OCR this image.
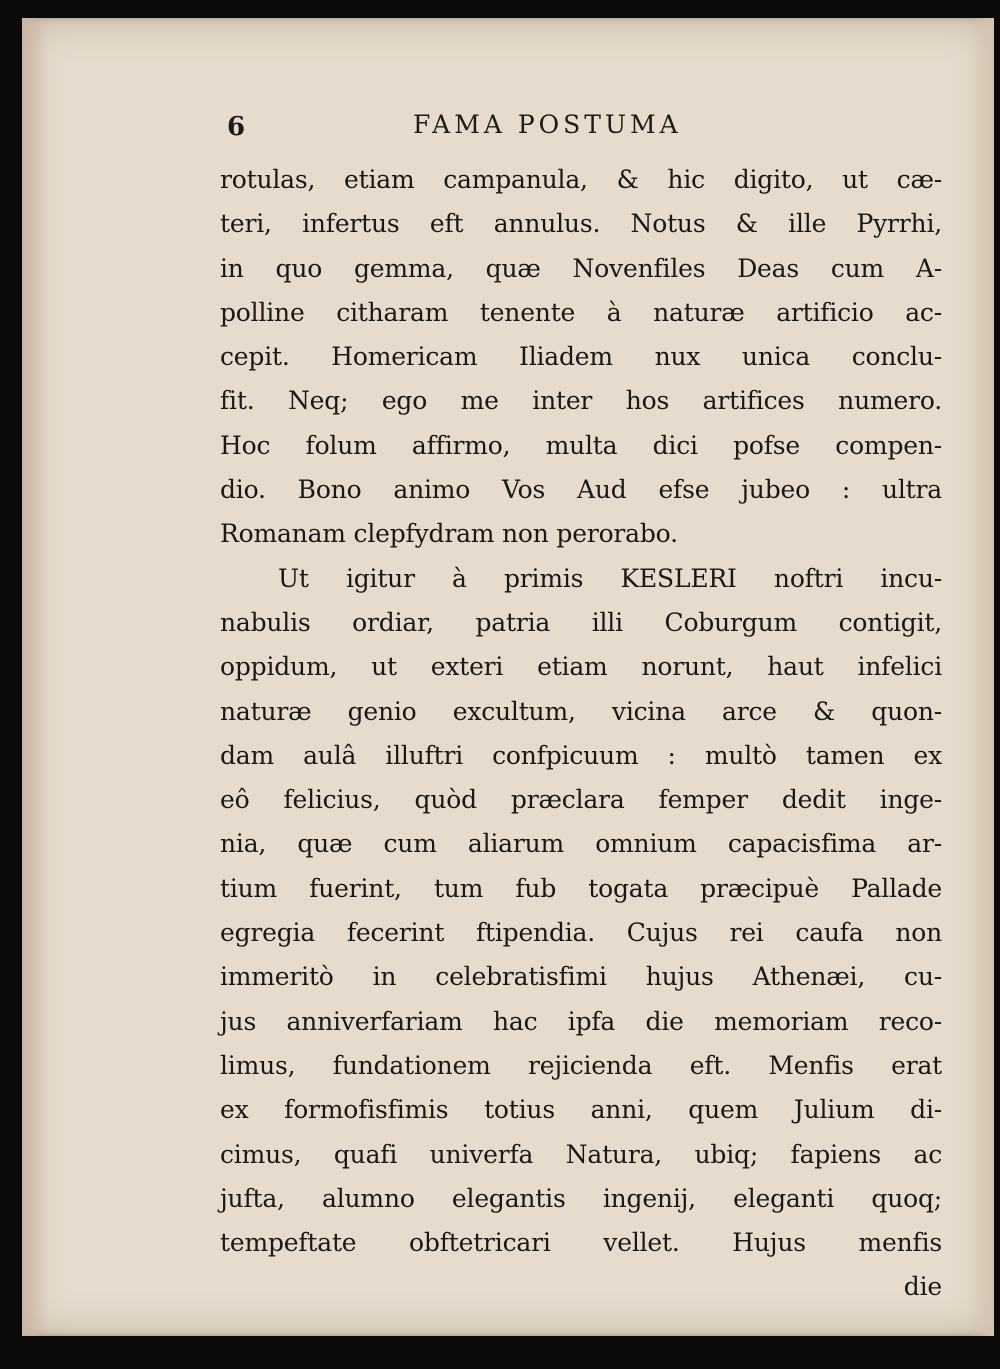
6	FAMA POSTUMA
rotulas, etiam campanula, & hic digito, ut cæ-
teri, infertus eft annulus. Notus & ille Pyrrhi,
in quo gemma, quæ Novenfiles Deas cum A-
polline citharam tenente à naturæ artificio ac-
cepit. Homericam Iliadem nux unica conclu-
fit. Neq; ego me inter hos artifices numero.
Hoc folum affirmo, multa dici pofse compen-
dio. Bono animo Vos Aud efse jubeo : ultra
Romanam clepfydram non perorabo.
Ut igitur à primis KESLERI noftri incu-
nabulis ordiar, patria illi Coburgum contigit,
oppidum, ut exteri etiam norunt, haut infelici
naturæ genio excultum, vicina arce & quon-
dam aulâ illuftri confpicuum : multò tamen ex
eô felicius, quòd præclara femper dedit inge-
nia, quæ cum aliarum omnium capacisfima ar-
tium fuerint, tum fub togata præcipuè Pallade
egregia fecerint ftipendia. Cujus rei caufa non
immeritò in celebratisfimi hujus Athenæi, cu-
jus anniverfariam hac ipfa die memoriam reco-
limus, fundationem rejicienda eft. Menfis erat
ex formofisfimis totius anni, quem Julium di-
cimus, quafi univerfa Natura, ubiq; fapiens ac
jufta, alumno elegantis ingenij, eleganti quoq;
tempeftate obftetricari vellet. Hujus menfis
die
